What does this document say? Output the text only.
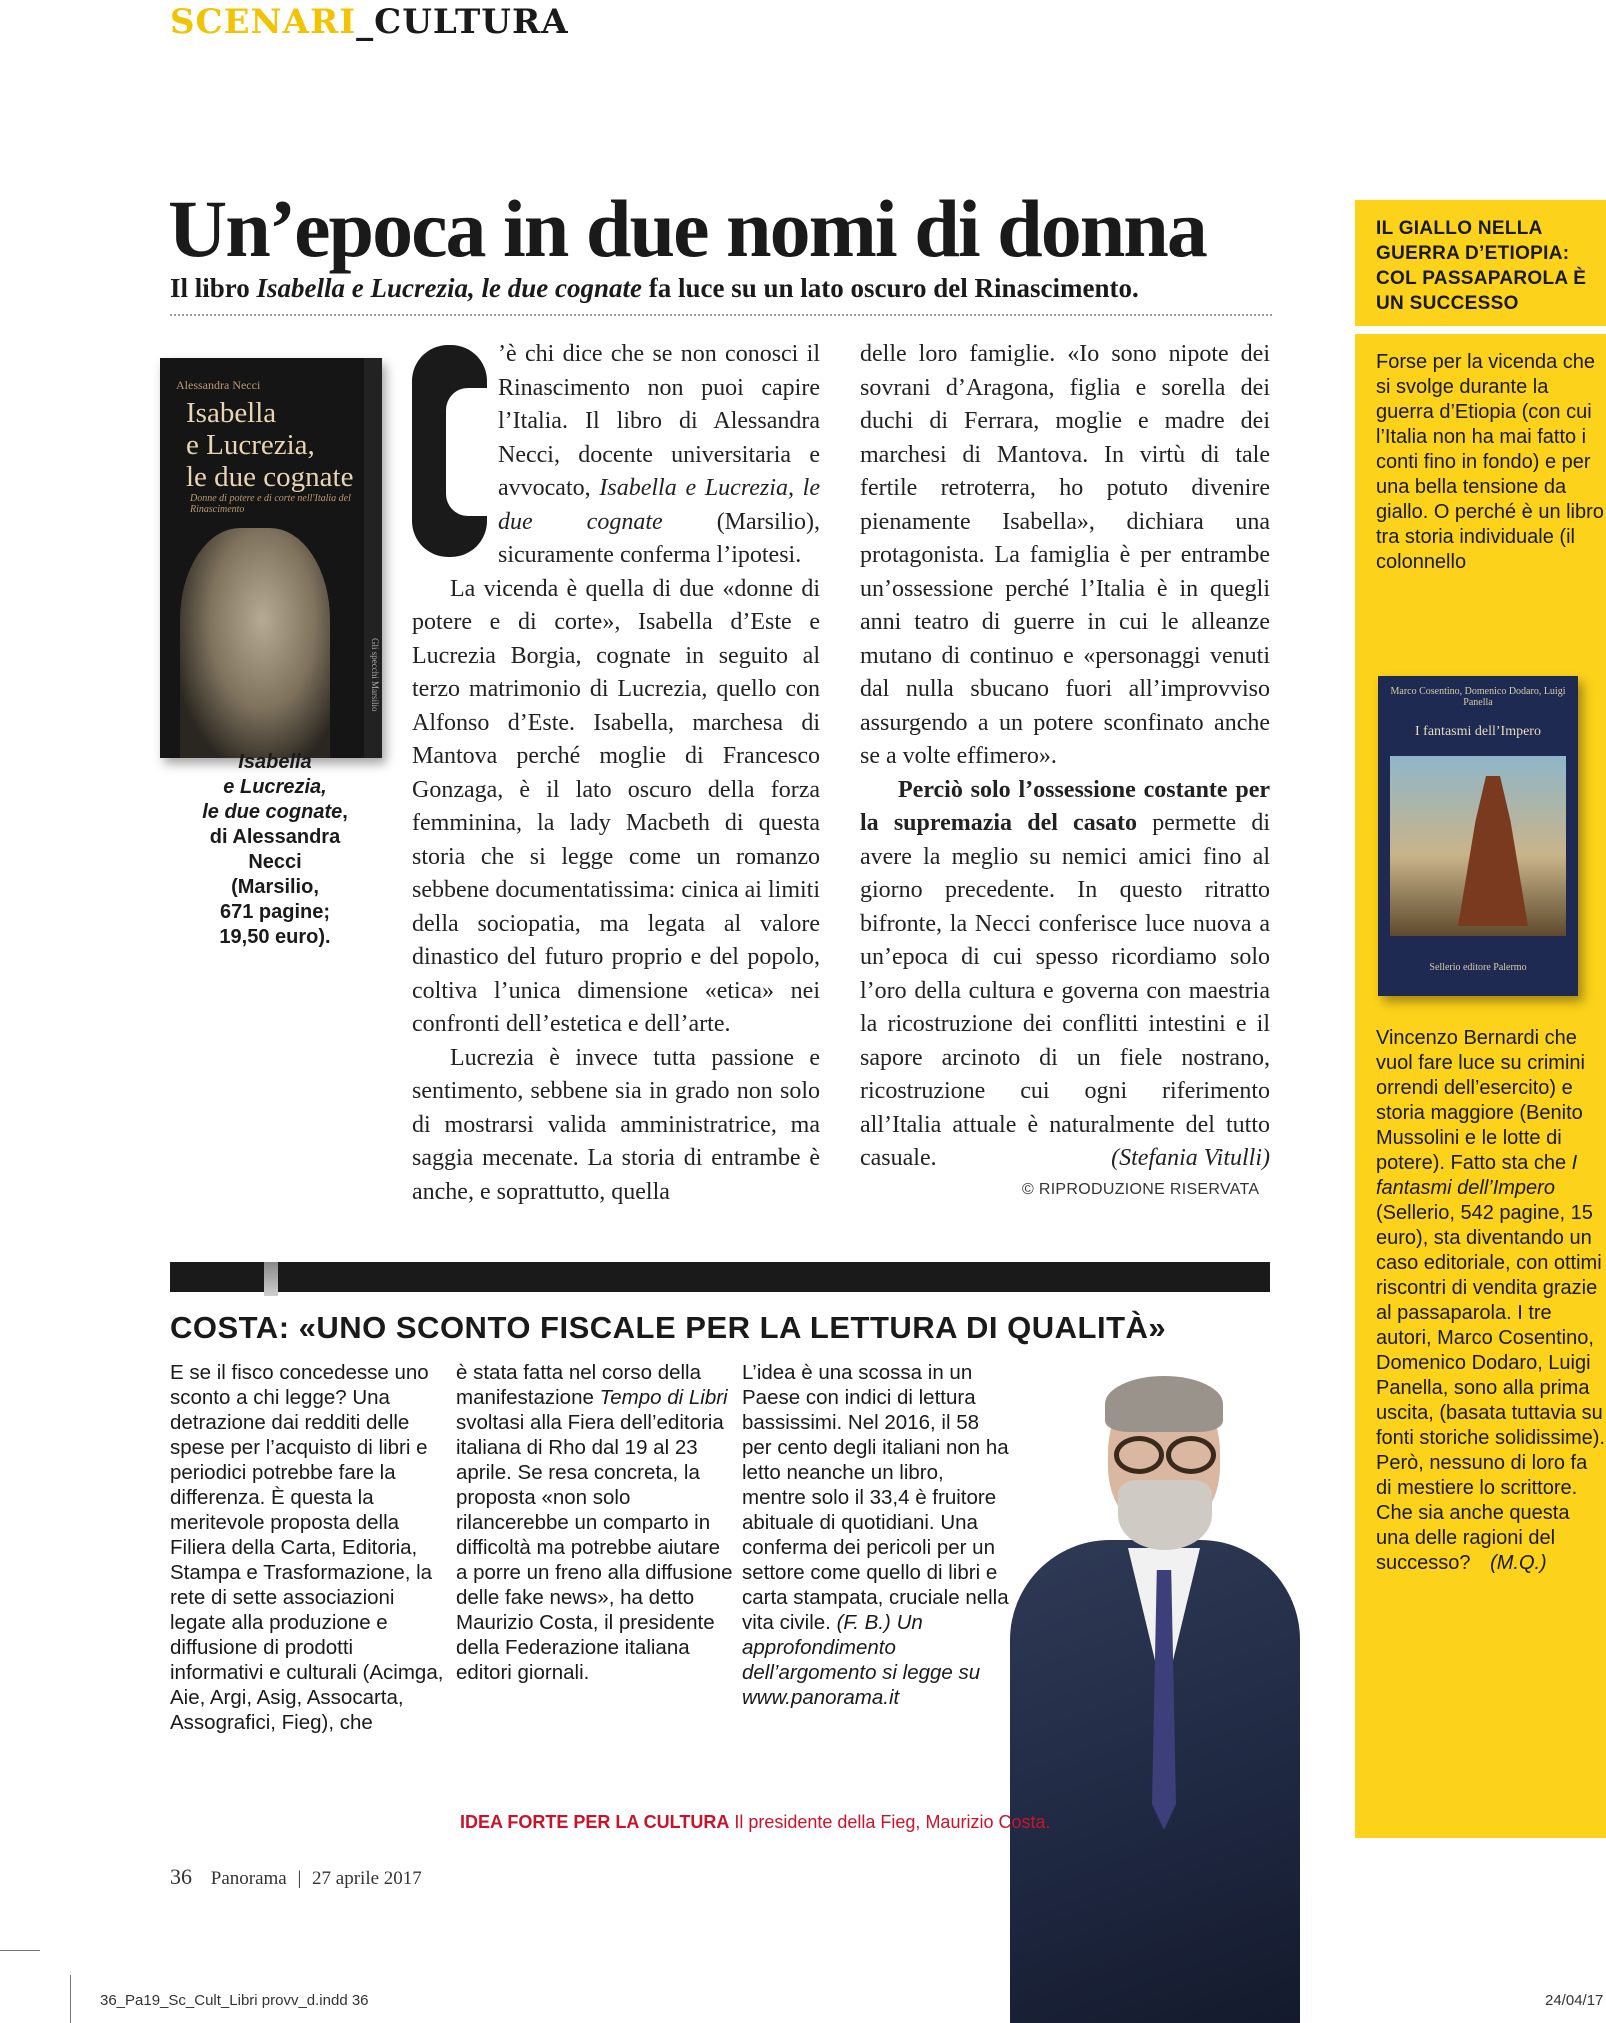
SCENARI_CULTURA
Un’epoca in due nomi di donna
Il libro Isabella e Lucrezia, le due cognate fa luce su un lato oscuro del Rinascimento.
Alessandra Necci
Isabella
e Lucrezia,
le due cognate
Donne di potere e di corte nell'Italia del Rinascimento
Gli specchi Marsilio
Isabella
e Lucrezia,
le due cognate,
di Alessandra
Necci
(Marsilio,
671 pagine;
19,50 euro).

’è chi dice che se non conosci il Rinascimento non puoi capire l’Italia. Il libro di Alessandra Necci, docente universitaria e avvocato, Isabella e Lucrezia, le due cognate (Marsilio), sicuramente conferma l’ipotesi.

La vicenda è quella di due «donne di potere e di corte», Isabella d’Este e Lucrezia Borgia, cognate in seguito al terzo matrimonio di Lucrezia, quello con Alfonso d’Este. Isabella, marchesa di Mantova perché moglie di Francesco Gonzaga, è il lato oscuro della forza femminina, la lady Macbeth di questa storia che si legge come un romanzo sebbene documentatissima: cinica ai limiti della sociopatia, ma legata al valore dinastico del futuro proprio e del popolo, coltiva l’unica dimensione «etica» nei confronti dell’estetica e dell’arte.

Lucrezia è invece tutta passione e sentimento, sebbene sia in grado non solo di mostrarsi valida amministratrice, ma saggia mecenate. La storia di entrambe è anche, e soprattutto, quella

delle loro famiglie. «Io sono nipote dei sovrani d’Aragona, figlia e sorella dei duchi di Ferrara, moglie e madre dei marchesi di Mantova. In virtù di tale fertile retroterra, ho potuto divenire pienamente Isabella», dichiara una protagonista. La famiglia è per entrambe un’ossessione perché l’Italia è in quegli anni teatro di guerre in cui le alleanze mutano di continuo e «personaggi venuti dal nulla sbucano fuori all’improvviso assurgendo a un potere sconfinato anche se a volte effimero».

Perciò solo l’ossessione costante per la supremazia del casato permette di avere la meglio su nemici amici fino al giorno precedente. In questo ritratto bifronte, la Necci conferisce luce nuova a un’epoca di cui spesso ricordiamo solo l’oro della cultura e governa con maestria la ricostruzione dei conflitti intestini e il sapore arcinoto di un fiele nostrano, ricostruzione cui ogni riferimento all’Italia attuale è naturalmente del tutto casuale.	(Stefania Vitulli)

© RIPRODUZIONE RISERVATA
COSTA: «UNO SCONTO FISCALE PER LA LETTURA DI QUALITÀ»

E se il fisco concedesse uno sconto a chi legge? Una detrazione dai redditi delle spese per l’acquisto di libri e periodici potrebbe fare la differenza. È questa la meritevole proposta della Filiera della Carta, Editoria, Stampa e Trasformazione, la rete di sette associazioni legate alla produzione e diffusione di prodotti informativi e culturali (Acimga, Aie, Argi, Asig, Assocarta, Assografici, Fieg), che

è stata fatta nel corso della manifestazione Tempo di Libri svoltasi alla Fiera dell’editoria italiana di Rho dal 19 al 23 aprile. Se resa concreta, la proposta «non solo rilancerebbe un comparto in difficoltà ma potrebbe aiutare a porre un freno alla diffusione delle fake news», ha detto Maurizio Costa, il presidente della Federazione italiana editori giornali.

L’idea è una scossa in un Paese con indici di lettura bassissimi. Nel 2016, il 58 per cento degli italiani non ha letto neanche un libro, mentre solo il 33,4 è fruitore abituale di quotidiani. Una conferma dei pericoli per un settore come quello di libri e carta stampata, cruciale nella vita civile. (F. B.) Un approfondimento dell’argomento si legge su www.panorama.it

IDEA FORTE PER LA CULTURA Il presidente della Fieg, Maurizio Costa.
IL GIALLO NELLA GUERRA D’ETIOPIA: COL PASSAPAROLA È UN SUCCESSO
Forse per la vicenda che si svolge durante la guerra d’Etiopia (con cui l’Italia non ha mai fatto i conti fino in fondo) e per una bella tensione da giallo. O perché è un libro tra storia individuale (il colonnello
Marco Cosentino, Domenico Dodaro, Luigi Panella
I fantasmi dell’Impero
Sellerio editore Palermo
Vincenzo Bernardi che vuol fare luce su crimini orrendi dell’esercito) e storia maggiore (Benito Mussolini e le lotte di potere). Fatto sta che I fantasmi dell’Impero (Sellerio, 542 pagine, 15 euro), sta diventando un caso editoriale, con ottimi riscontri di vendita grazie al passaparola. I tre autori, Marco Cosentino, Domenico Dodaro, Luigi Panella, sono alla prima uscita, (basata tuttavia su fonti storiche solidissime). Però, nessuno di loro fa di mestiere lo scrittore. Che sia anche questa una delle ragioni del successo? (M.Q.)
36 Panorama | 27 aprile 2017
36_Pa19_Sc_Cult_Libri provv_d.indd 36	24/04/17
